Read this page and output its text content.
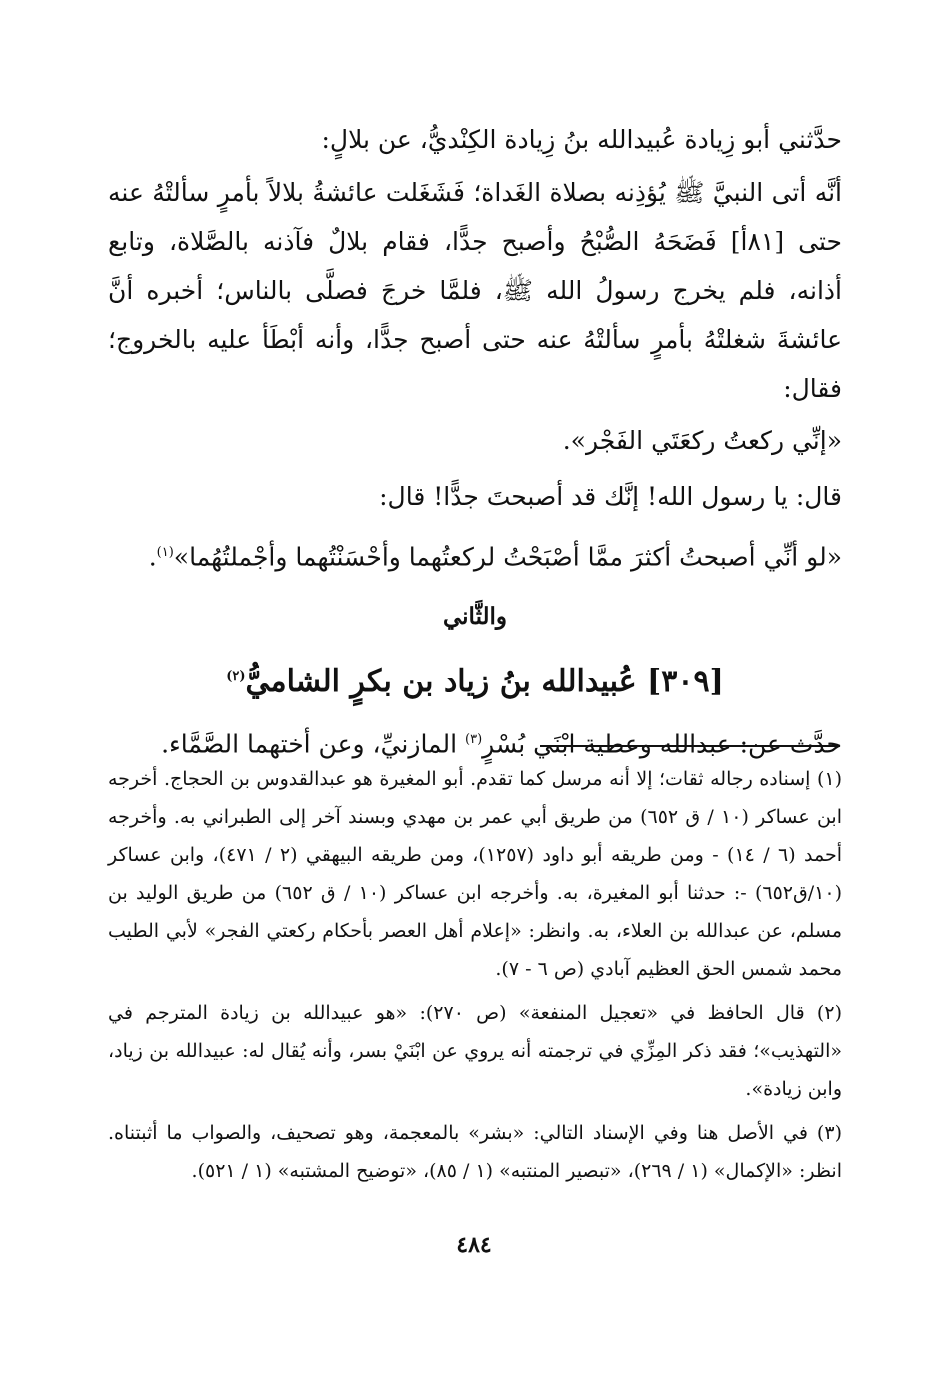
حدَّثني أبو زِيادة عُبيدالله بنُ زِيادة الكِنْديُّ، عن بلالٍ:

أنَّه أتى النبيَّ ﷺ يُؤذِنه بصلاة الغَداة؛ فَشَغَلت عائشةُ بلالاً بأمرٍ سألتْهُ عنه حتى [٨١أ] فَضَحَهُ الصُّبْحُ وأصبح جدًّا، فقام بلالٌ فآذنه بالصَّلاة، وتابع أذانه، فلم يخرج رسولُ الله ﷺ، فلمَّا خرجَ فصلَّى بالناس؛ أخبره أنَّ عائشةَ شغلتْهُ بأمرٍ سألتْهُ عنه حتى أصبح جدًّا، وأنه أبْطَأ عليه بالخروج؛ فقال:

«إنِّي ركعتُ ركعَتَي الفَجْر».

قال: يا رسول الله! إنَّك قد أصبحتَ جدًّا! قال:

«لو أنِّي أصبحتُ أكثرَ ممَّا أصْبَحْتُ لركعتُهما وأحْسَنْتُهما وأجْملتُهُما»$^{(١)}$.

والثَّاني

[٣٠٩] عُبيدالله بنُ زياد بن بكرٍ الشاميُّ$^{(٢)}$

حدَّث عن: عبدالله وعطية ابْنَي بُسْرٍ$^{(٣)}$ المازنيِّ، وعن أختهما الصَّمَّاء.

(١) إسناده رجاله ثقات؛ إلا أنه مرسل كما تقدم. أبو المغيرة هو عبدالقدوس بن الحجاج. أخرجه ابن عساكر (١٠ / ق ٦٥٢) من طريق أبي عمر بن مهدي وبسند آخر إلى الطبراني به. وأخرجه أحمد (٦ / ١٤) - ومن طريقه أبو داود (١٢٥٧)، ومن طريقه البيهقي (٢ / ٤٧١)، وابن عساكر (١٠/ق٦٥٢) -: حدثنا أبو المغيرة، به. وأخرجه ابن عساكر (١٠ / ق ٦٥٢) من طريق الوليد بن مسلم، عن عبدالله بن العلاء، به. وانظر: «إعلام أهل العصر بأحكام ركعتي الفجر» لأبي الطيب محمد شمس الحق العظيم آبادي (ص ٦ - ٧).

(٢) قال الحافظ في «تعجيل المنفعة» (ص ٢٧٠): «هو عبيدالله بن زيادة المترجم في «التهذيب»؛ فقد ذكر المِزِّي في ترجمته أنه يروي عن ابْنَيْ بسر، وأنه يُقال له: عبيدالله بن زياد، وابن زيادة».

(٣) في الأصل هنا وفي الإسناد التالي: «بشر» بالمعجمة، وهو تصحيف، والصواب ما أثبتناه. انظر: «الإكمال» (١ / ٢٦٩)، «تبصير المنتبه» (١ / ٨٥)، «توضيح المشتبه» (١ / ٥٢١).

٤٨٤
